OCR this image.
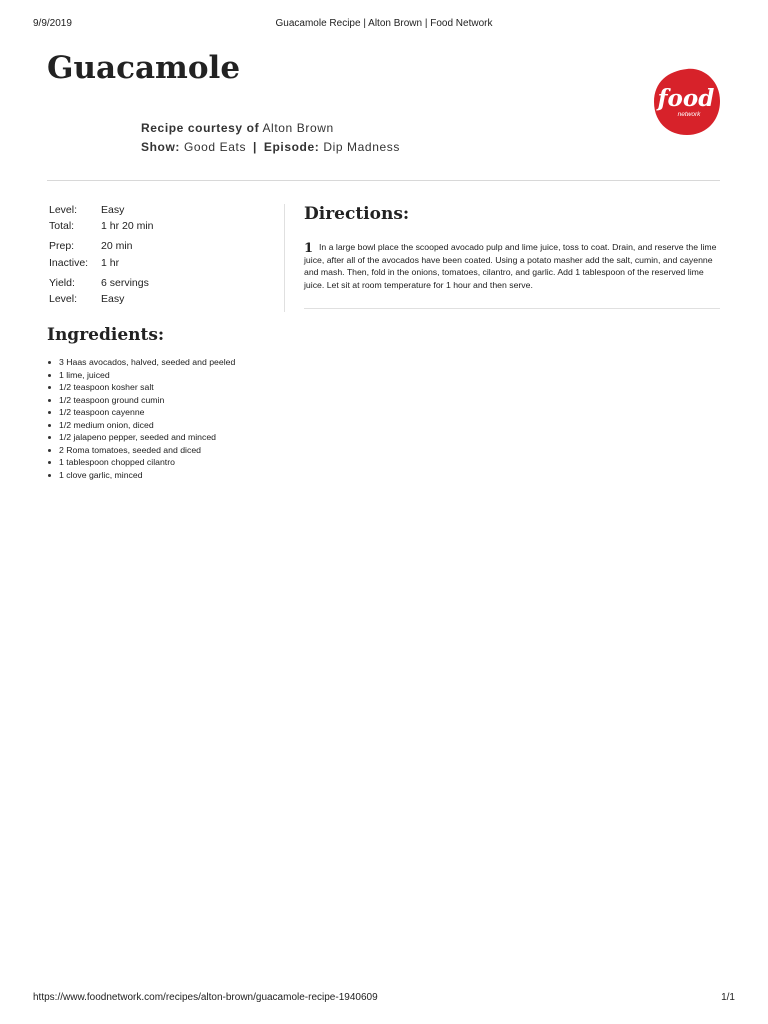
9/9/2019	Guacamole Recipe | Alton Brown | Food Network
Guacamole
food
network
Recipe courtesy of Alton Brown
Show: Good Eats | Episode: Dip Madness
Level: Easy
Total:	1 hr 20 min
Prep:	20 min
Inactive: 1 hr
Yield: 6 servings
Level: Easy
Directions:
1 In a large bowl place the scooped avocado pulp and lime juice, toss to coat. Drain, and reserve the lime juice, after all of the avocados have been coated. Using a potato masher add the salt, cumin, and cayenne and mash. Then, fold in the onions, tomatoes, cilantro, and garlic. Add 1 tablespoon of the reserved lime juice. Let sit at room temperature for 1 hour and then serve.

Ingredients:
3 Haas avocados, halved, seeded and peeled
1 lime, juiced
1/2 teaspoon kosher salt
1/2 teaspoon ground cumin
1/2 teaspoon cayenne
1/2 medium onion, diced
1/2 jalapeno pepper, seeded and minced
2 Roma tomatoes, seeded and diced
1 tablespoon chopped cilantro
1 clove garlic, minced
https://www.foodnetwork.com/recipes/alton-brown/guacamole-recipe-1940609	1/1
